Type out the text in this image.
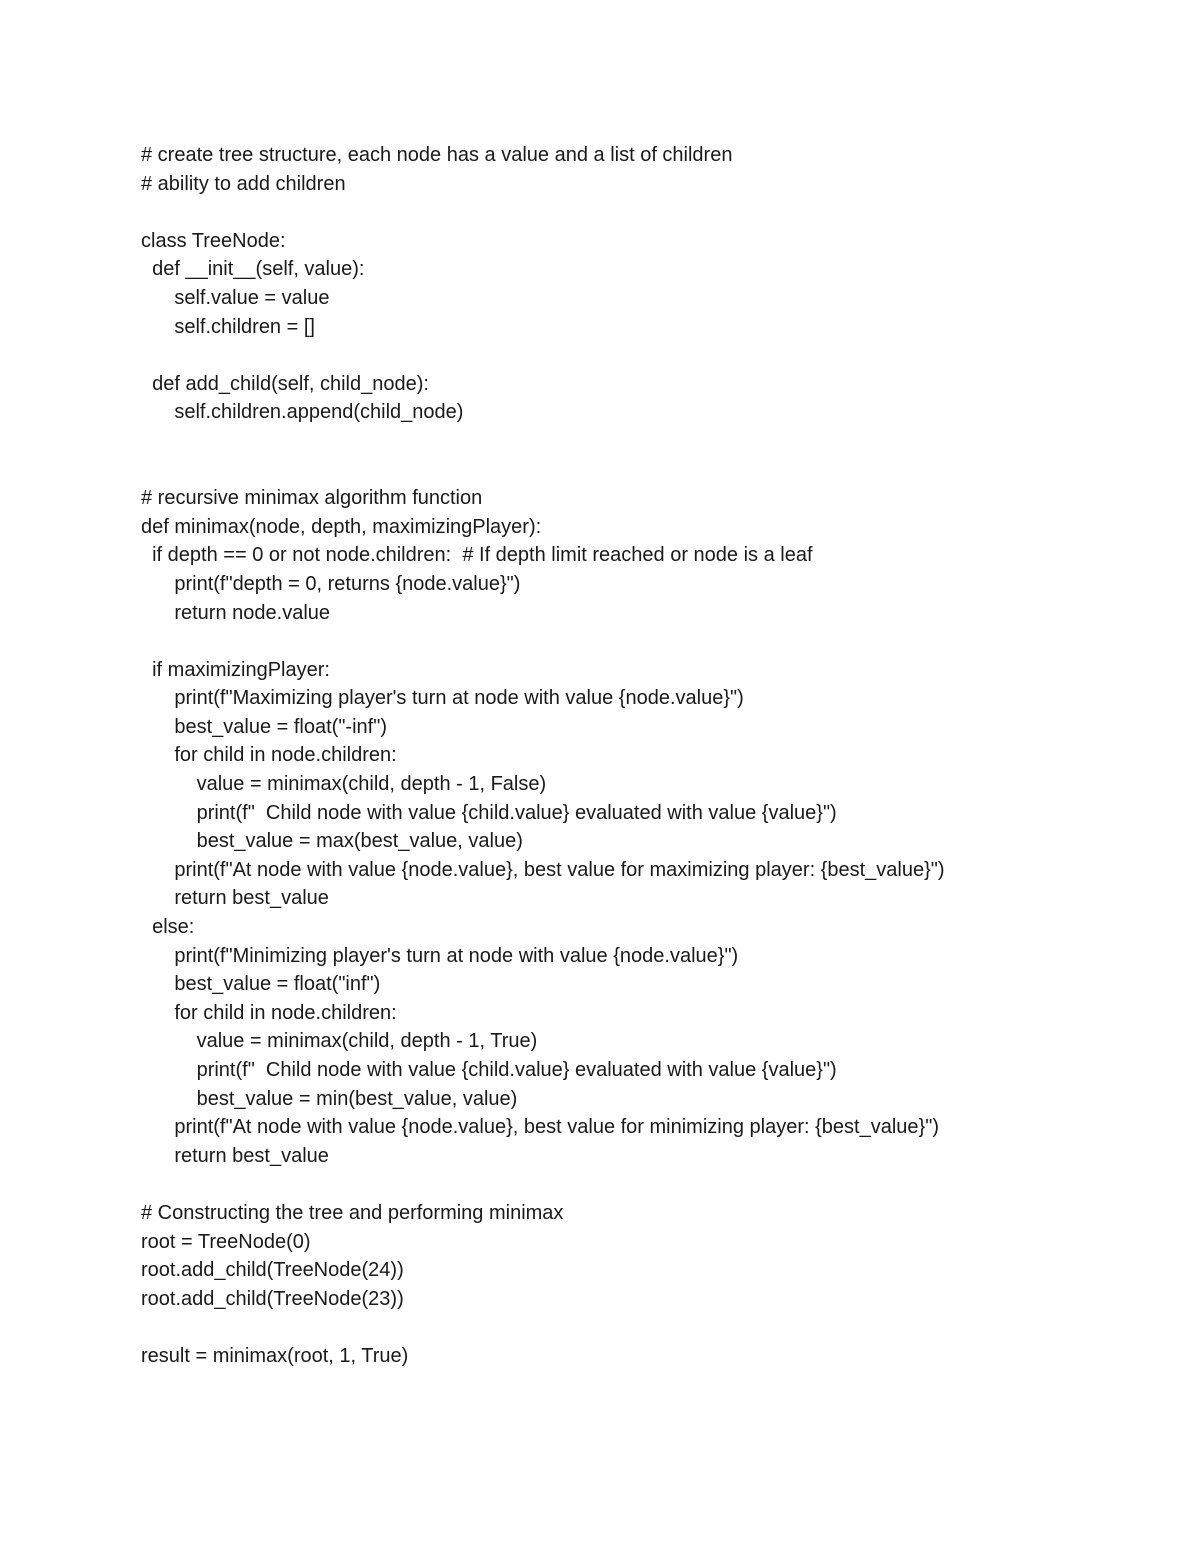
# create tree structure, each node has a value and a list of children
# ability to add children
class TreeNode:
def __init__(self, value):
self.value = value
self.children = []
def add_child(self, child_node):
self.children.append(child_node)
# recursive minimax algorithm function
def minimax(node, depth, maximizingPlayer):
if depth == 0 or not node.children:  # If depth limit reached or node is a leaf
print(f"depth = 0, returns {node.value}")
return node.value
if maximizingPlayer:
print(f"Maximizing player's turn at node with value {node.value}")
best_value = float("-inf")
for child in node.children:
value = minimax(child, depth - 1, False)
print(f"  Child node with value {child.value} evaluated with value {value}")
best_value = max(best_value, value)
print(f"At node with value {node.value}, best value for maximizing player: {best_value}")
return best_value
else:
print(f"Minimizing player's turn at node with value {node.value}")
best_value = float("inf")
for child in node.children:
value = minimax(child, depth - 1, True)
print(f"  Child node with value {child.value} evaluated with value {value}")
best_value = min(best_value, value)
print(f"At node with value {node.value}, best value for minimizing player: {best_value}")
return best_value
# Constructing the tree and performing minimax
root = TreeNode(0)
root.add_child(TreeNode(24))
root.add_child(TreeNode(23))
result = minimax(root, 1, True)
